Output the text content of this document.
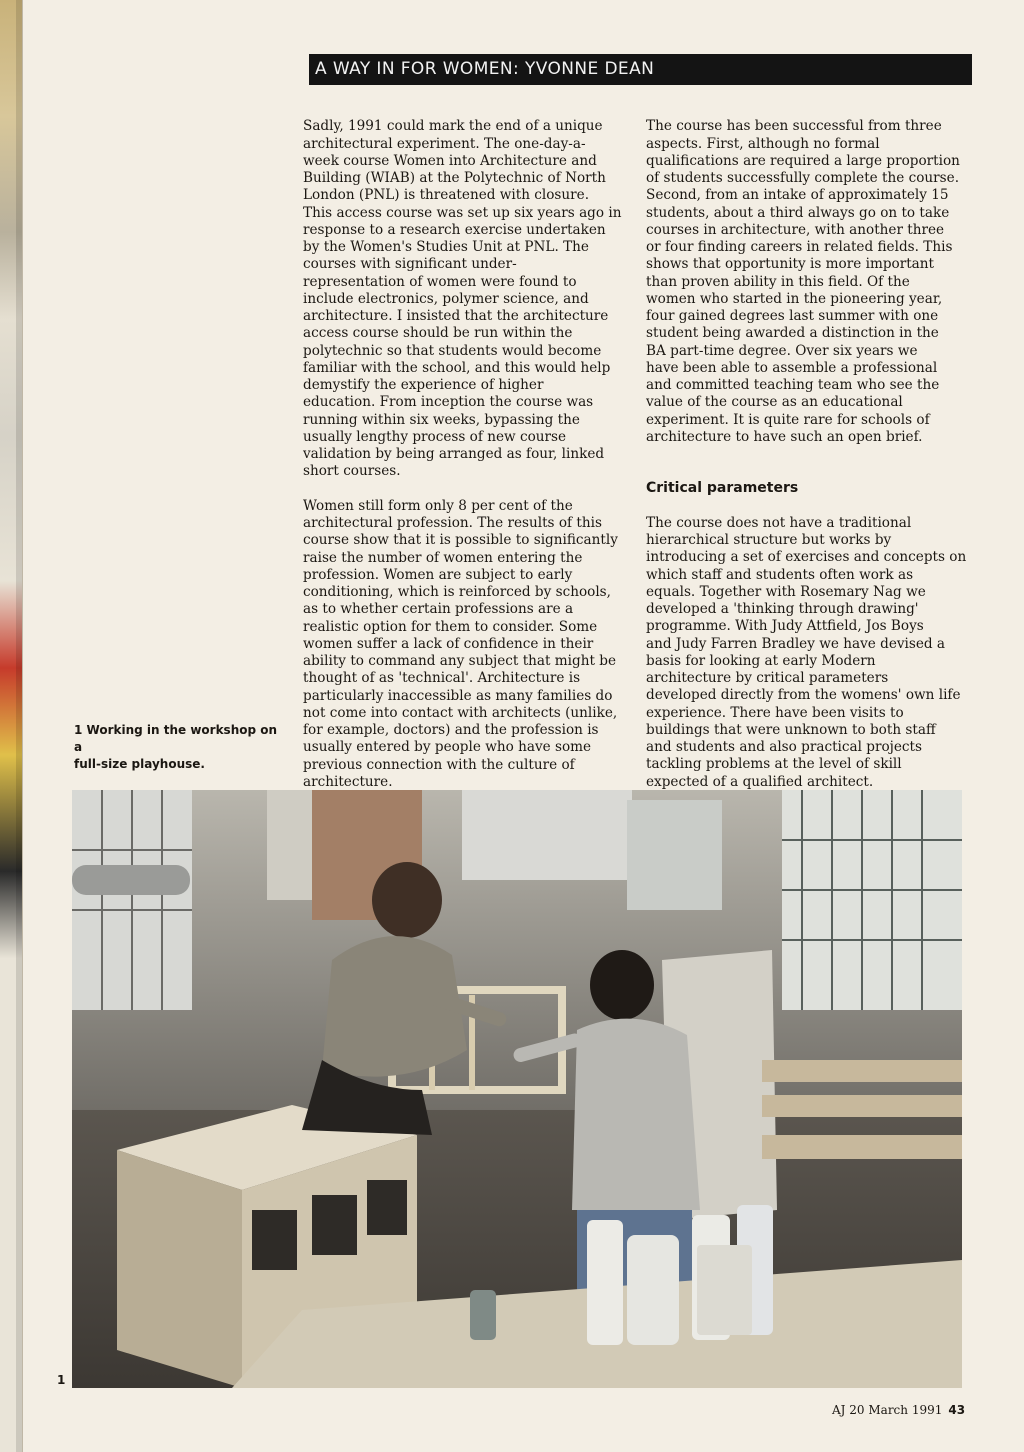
A WAY IN FOR WOMEN: YVONNE DEAN

Sadly, 1991 could mark the end of a unique
architectural experiment. The one-day-a-
week course Women into Architecture and
Building (WIAB) at the Polytechnic of North
London (PNL) is threatened with closure.
This access course was set up six years ago in
response to a research exercise undertaken
by the Women's Studies Unit at PNL. The
courses with significant under-
representation of women were found to
include electronics, polymer science, and
architecture. I insisted that the architecture
access course should be run within the
polytechnic so that students would become
familiar with the school, and this would help
demystify the experience of higher
education. From inception the course was
running within six weeks, bypassing the
usually lengthy process of new course
validation by being arranged as four, linked
short courses.

Women still form only 8 per cent of the
architectural profession. The results of this
course show that it is possible to significantly
raise the number of women entering the
profession. Women are subject to early
conditioning, which is reinforced by schools,
as to whether certain professions are a
realistic option for them to consider. Some
women suffer a lack of confidence in their
ability to command any subject that might be
thought of as 'technical'. Architecture is
particularly inaccessible as many families do
not come into contact with architects (unlike,
for example, doctors) and the profession is
usually entered by people who have some
previous connection with the culture of
architecture.

The course has been successful from three
aspects. First, although no formal
qualifications are required a large proportion
of students successfully complete the course.
Second, from an intake of approximately 15
students, about a third always go on to take
courses in architecture, with another three
or four finding careers in related fields. This
shows that opportunity is more important
than proven ability in this field. Of the
women who started in the pioneering year,
four gained degrees last summer with one
student being awarded a distinction in the
BA part-time degree. Over six years we
have been able to assemble a professional
and committed teaching team who see the
value of the course as an educational
experiment. It is quite rare for schools of
architecture to have such an open brief.

Critical parameters

The course does not have a traditional
hierarchical structure but works by
introducing a set of exercises and concepts on
which staff and students often work as
equals. Together with Rosemary Nag we
developed a 'thinking through drawing'
programme. With Judy Attfield, Jos Boys
and Judy Farren Bradley we have devised a
basis for looking at early Modern
architecture by critical parameters
developed directly from the womens' own life
experience. There have been visits to
buildings that were unknown to both staff
and students and also practical projects
tackling problems at the level of skill
expected of a qualified architect.

1 Working in the workshop on a
full-size playhouse.
1
AJ 20 March 1991 43
